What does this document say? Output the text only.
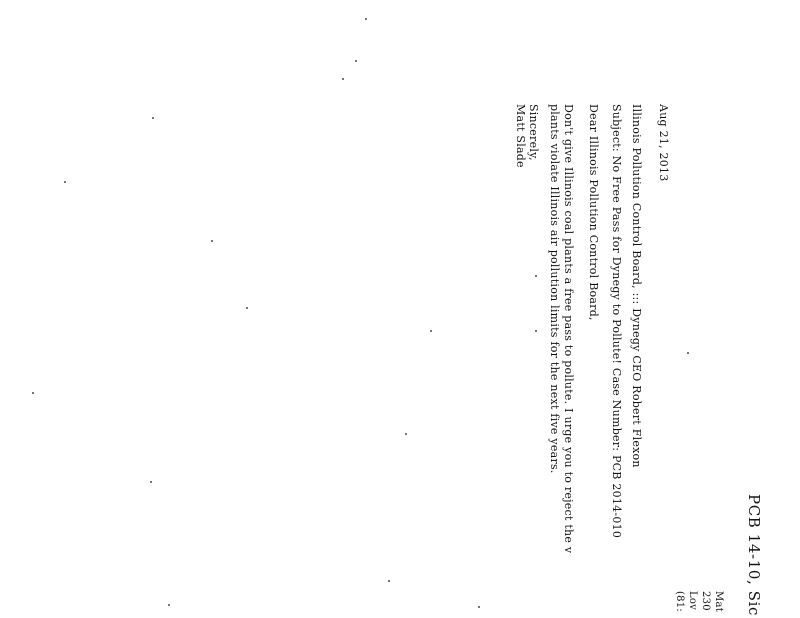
PCB 14-10, Sic
Mat
230
Lov
(81:
Aug 21, 2013
Illinois Pollution Control Board, ::: Dynegy CEO Robert Flexon
Subject: No Free Pass for Dynegy to Pollute! Case Number: PCB 2014-010
Dear Illinois Pollution Control Board,
Don't give Illinois coal plants a free pass to pollute. I urge you to reject the v
plants violate Illinois air pollution limits for the next five years.
Sincerely,
Matt Slade
